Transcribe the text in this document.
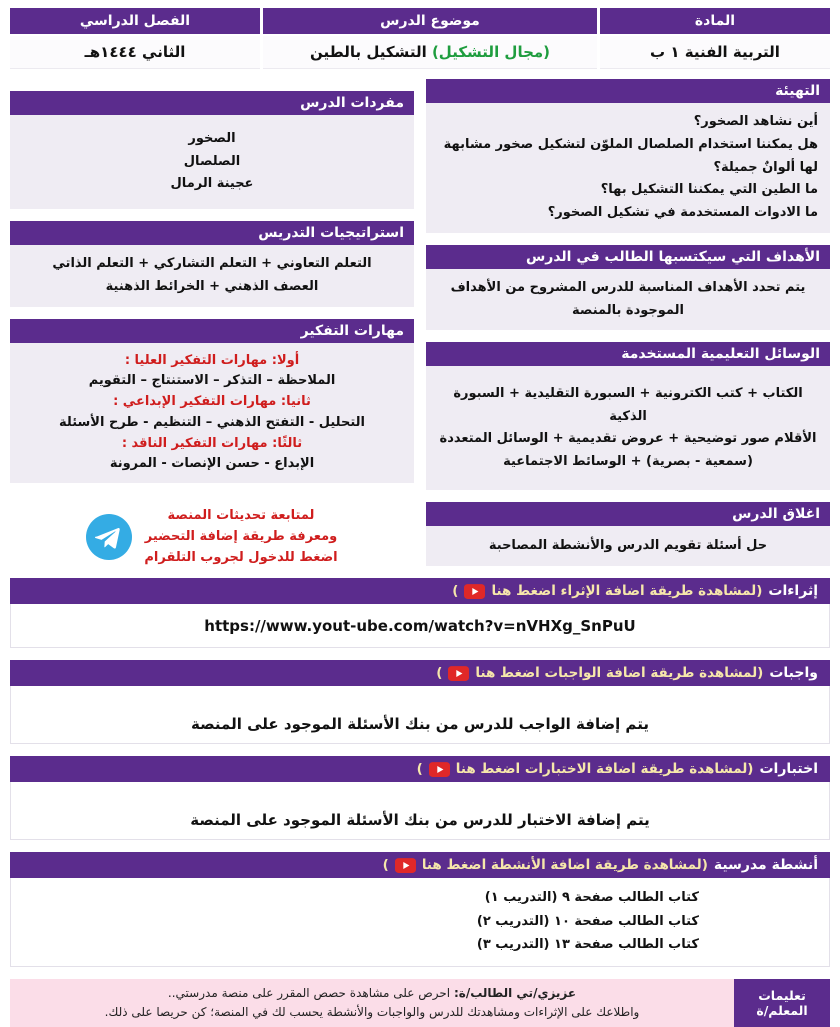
المادة
موضوع الدرس
الفصل الدراسي
التربية الفنية ١ ب
(مجال التشكيل) التشكيل بالطين
الثاني ١٤٤٤هـ
التهيئة
أين نشاهد الصخور؟
هل يمكننا استخدام الصلصال الملوّن لتشكيل صخور مشابهة لها ألوانٌ جميلة؟
ما الطين التي يمكننا التشكيل بها؟
ما الادوات المستخدمة في تشكيل الصخور؟
الأهداف التي سيكتسبها الطالب في الدرس
يتم تحدد الأهداف المناسبة للدرس المشروح من الأهداف الموجودة بالمنصة
الوسائل التعليمية المستخدمة
الكتاب + كتب الكترونية + السبورة التقليدية + السبورة الذكية
الأقلام صور توضيحية + عروض تقديمية + الوسائل المتعددة
(سمعية - بصرية) + الوسائط الاجتماعية
اغلاق الدرس
حل أسئلة تقويم الدرس والأنشطة المصاحبة
مفردات الدرس
الصخور
الصلصال
عجينة الرمال
استراتيجيات التدريس
التعلم التعاوني + التعلم التشاركي + التعلم الذاتي
العصف الذهني + الخرائط الذهنية
مهارات التفكير
أولا: مهارات التفكير العليا :
الملاحظة – التذكر – الاستنتاج – التقويم
ثانيا: مهارات التفكير الإبداعي :
التحليل - التفتح الذهني – التنظيم - طرح الأسئلة
ثالثًا: مهارات التفكير الناقد :
الإبداع - حسن الإنصات - المرونة
لمتابعة تحديثات المنصة
ومعرفة طريقة إضافة التحضير
اضغط للدخول لجروب التلقرام
إثراءات
(لمشاهدة طريقة اضافة الإثراء اضغط هنا
)
https://www.yout-ube.com/watch?v=nVHXg_SnPuU
واجبات
(لمشاهدة طريقة اضافة الواجبات اضغط هنا
)
يتم إضافة الواجب للدرس من بنك الأسئلة الموجود على المنصة
اختبارات
(لمشاهدة طريقة اضافة الاختبارات اضغط هنا
)
يتم إضافة الاختبار للدرس من بنك الأسئلة الموجود على المنصة
أنشطة مدرسية
(لمشاهدة طريقة اضافة الأنشطة اضغط هنا
)
كتاب الطالب صفحة ٩ (التدريب ١)
كتاب الطالب صفحة ١٠ (التدريب ٢)
كتاب الطالب صفحة ١٣ (التدريب ٣)
تعليمات المعلم/ة
عزيزي/تي الطالب/ة: احرص على مشاهدة حصص المقرر على منصة مدرستي..
واطلاعك على الإثراءات ومشاهدتك للدرس والواجبات والأنشطة يحسب لك في المنصة؛ كن حريصا على ذلك.
